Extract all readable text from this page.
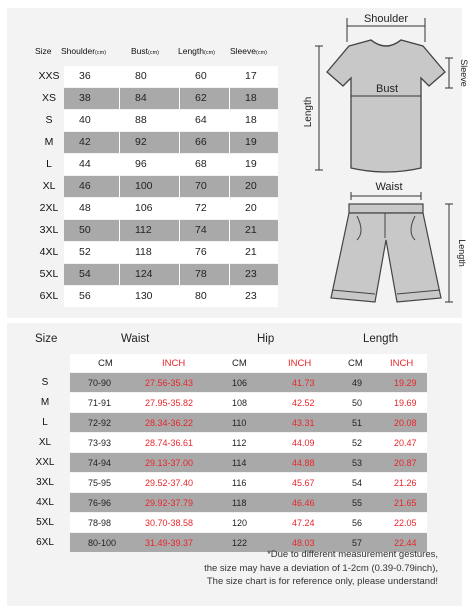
Size Shoulder(cm)	Bust(cm) Length(cm) Sleeve(cm)
XXS	36	80	60	17
XS	38	84	62	18
S	40	88	64	18
M	42	92	66	19
L	44	96	68	19
XL	46	100	70	20
2XL	48	106	72	20
3XL	50	112	74	21
4XL	52	118	76	21
5XL	54	124	78	23
6XL	56	130	80	23
Shoulder
Bust
Sleeve
Length
Waist
Length
Size	Waist	Hip	Length
CM	INCH	CM	INCH	CM	INCH
S	70-90	27.56-35.43	106	41.73	49	19.29
M	71-91	27.95-35.82	108	42.52	50	19.69
L	72-92	28.34-36.22	110	43.31	51	20.08
XL	73-93	28.74-36.61	112	44.09	52	20.47
XXL	74-94	29.13-37.00	114	44.88	53	20.87
3XL	75-95	29.52-37.40	116	45.67	54	21.26
4XL	76-96	29.92-37.79	118	46.46	55	21.65
5XL	78-98	30.70-38.58	120	47.24	56	22.05
6XL	80-100	31.49-39.37	122	48.03	57	22.44
*Due to different measurement gestures,
the size may have a deviation of 1-2cm (0.39-0.79inch),
The size chart is for reference only, please understand!
